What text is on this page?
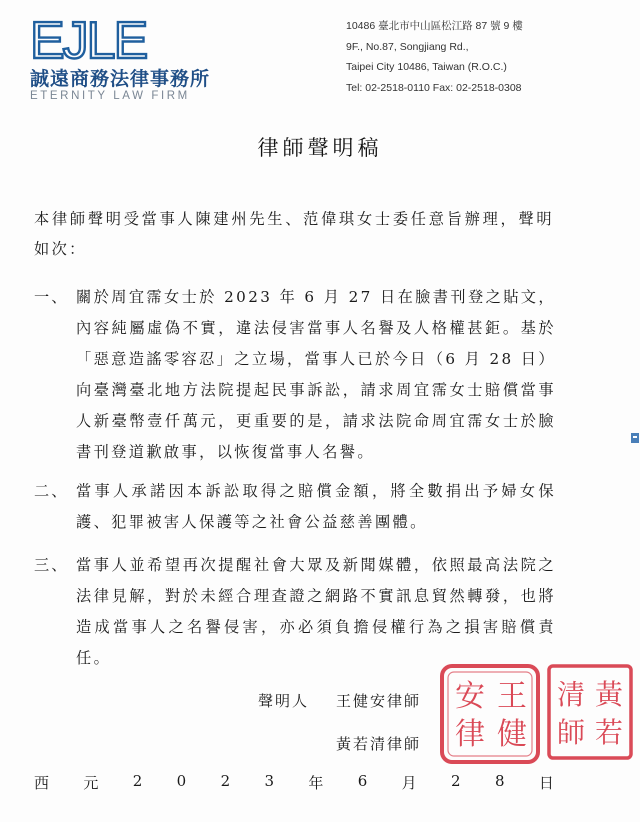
EJLE
誠遠商務法律事務所
ETERNITY LAW FIRM
10486 臺北市中山區松江路 87 號 9 樓
9F., No.87, Songjiang Rd.,
Taipei City 10486, Taiwan (R.O.C.)
Tel: 02-2518-0110 Fax: 02-2518-0308
律師聲明稿
本律師聲明受當事人陳建州先生、范偉琪女士委任意旨辦理，聲明如次：
一、 關於周宜霈女士於 2023 年 6 月 27 日在臉書刊登之貼文，內容純屬虛偽不實，違法侵害當事人名譽及人格權甚鉅。基於「惡意造謠零容忍」之立場，當事人已於今日（6 月 28 日）向臺灣臺北地方法院提起民事訴訟，請求周宜霈女士賠償當事人新臺幣壹仟萬元，更重要的是，請求法院命周宜霈女士於臉書刊登道歉啟事，以恢復當事人名譽。
二、 當事人承諾因本訴訟取得之賠償金額，將全數捐出予婦女保護、犯罪被害人保護等之社會公益慈善團體。
三、 當事人並希望再次提醒社會大眾及新聞媒體，依照最高法院之法律見解，對於未經合理查證之網路不實訊息貿然轉發，也將造成當事人之名譽侵害，亦必須負擔侵權行為之損害賠償責任。
聲明人 王健安律師
黃若清律師
王
健
安
律
黃
若
清
師
西 元 2 0 2 3 年 6 月 2 8 日
